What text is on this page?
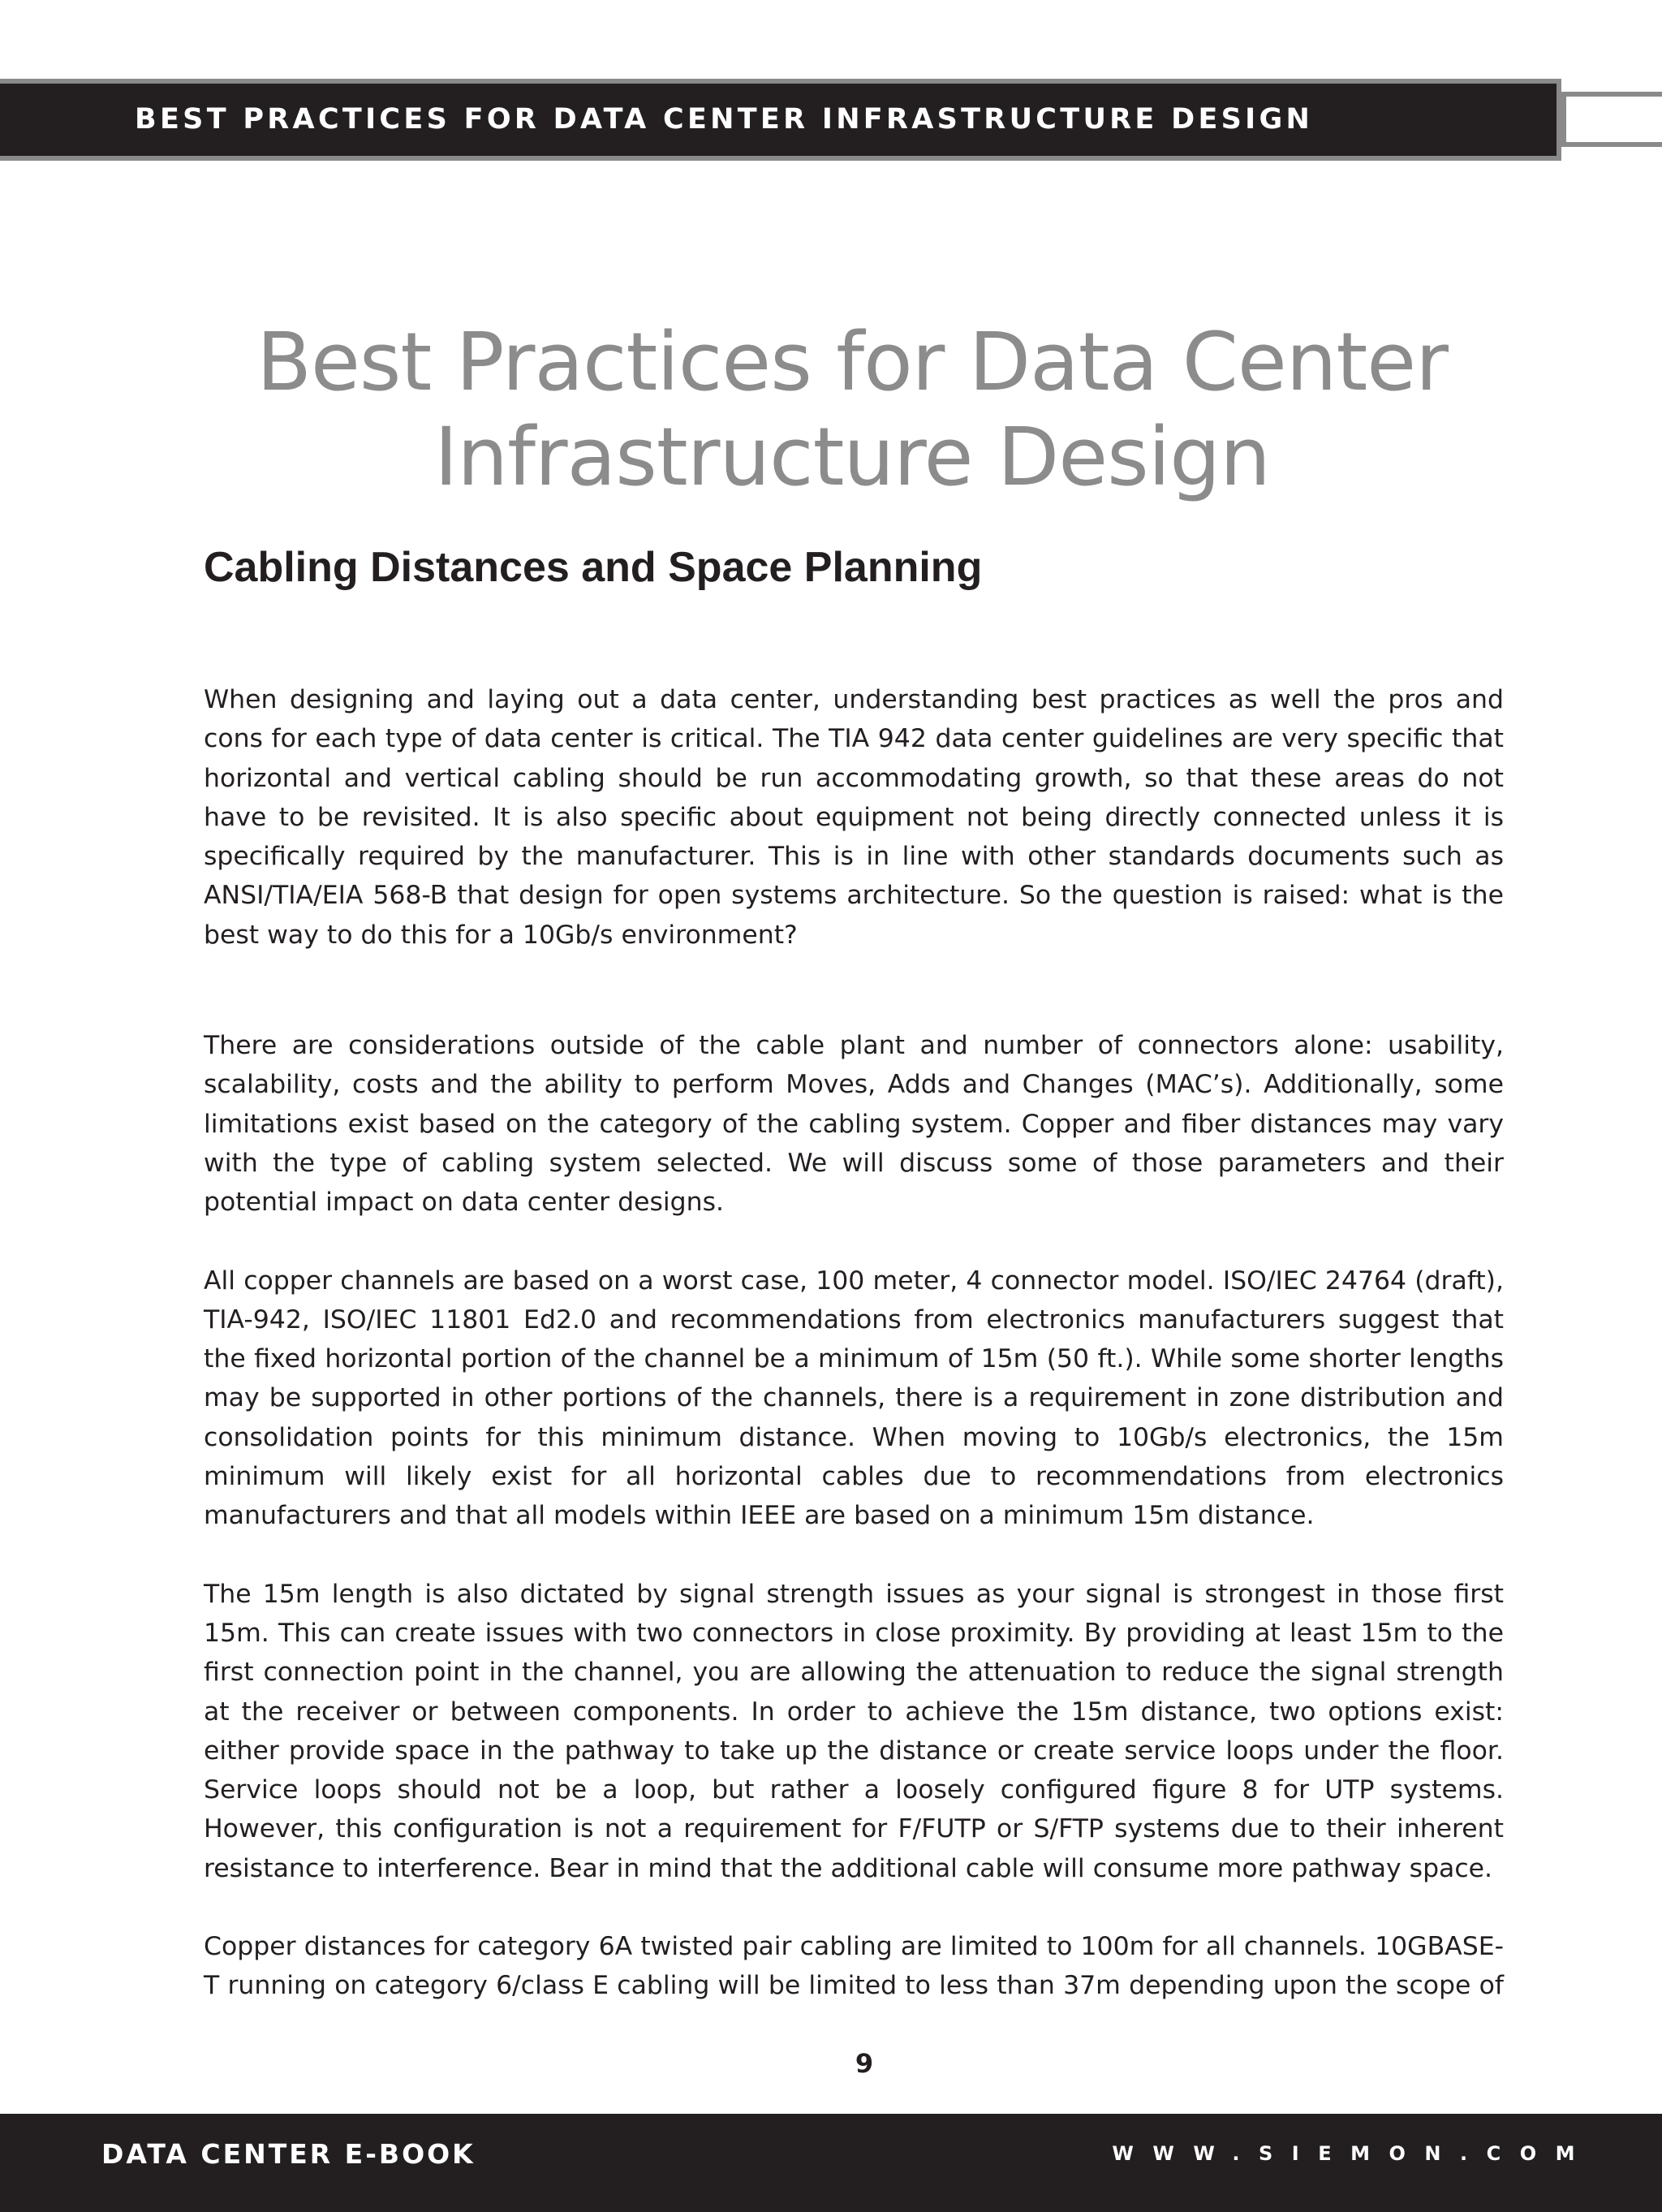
BEST PRACTICES FOR DATA CENTER INFRASTRUCTURE DESIGN
Best Practices for Data Center
Infrastructure Design
Cabling Distances and Space Planning

When designing and laying out a data center, understanding best practices as well the pros and cons for each type of data center is critical. The TIA 942 data center guidelines are very specific that horizontal and vertical cabling should be run accommodating growth, so that these areas do not have to be revisited. It is also specific about equipment not being directly connected unless it is specifically required by the manufacturer. This is in line with other standards documents such as ANSI/TIA/EIA 568-B that design for open systems architecture. So the question is raised: what is the best way to do this for a 10Gb/s environment?

There are considerations outside of the cable plant and number of connectors alone: usability, scalability, costs and the ability to perform Moves, Adds and Changes (MAC’s). Additionally, some limitations exist based on the category of the cabling system. Copper and fiber distances may vary with the type of cabling system selected. We will discuss some of those parameters and their potential impact on data center designs.

All copper channels are based on a worst case, 100 meter, 4 connector model. ISO/IEC 24764 (draft), TIA-942, ISO/IEC 11801 Ed2.0 and recommendations from electronics manufacturers suggest that the fixed horizontal portion of the channel be a minimum of 15m (50 ft.). While some shorter lengths may be supported in other portions of the channels, there is a requirement in zone distribution and consolidation points for this minimum distance. When moving to 10Gb/s electronics, the 15m minimum will likely exist for all horizontal cables due to recommendations from electronics manufacturers and that all models within IEEE are based on a minimum 15m distance.

The 15m length is also dictated by signal strength issues as your signal is strongest in those first 15m. This can create issues with two connectors in close proximity. By providing at least 15m to the first connection point in the channel, you are allowing the attenuation to reduce the signal strength at the receiver or between components. In order to achieve the 15m distance, two options exist: either provide space in the pathway to take up the distance or create service loops under the floor. Service loops should not be a loop, but rather a loosely configured figure 8 for UTP systems. However, this configuration is not a requirement for F/FUTP or S/FTP systems due to their inherent resistance to interference. Bear in mind that the additional cable will consume more pathway space.

Copper distances for category 6A twisted pair cabling are limited to 100m for all channels. 10GBASE-T running on category 6/class E cabling will be limited to less than 37m depending upon the scope of

9
DATA CENTER E-BOOK	WWW.SIEMON.COM
